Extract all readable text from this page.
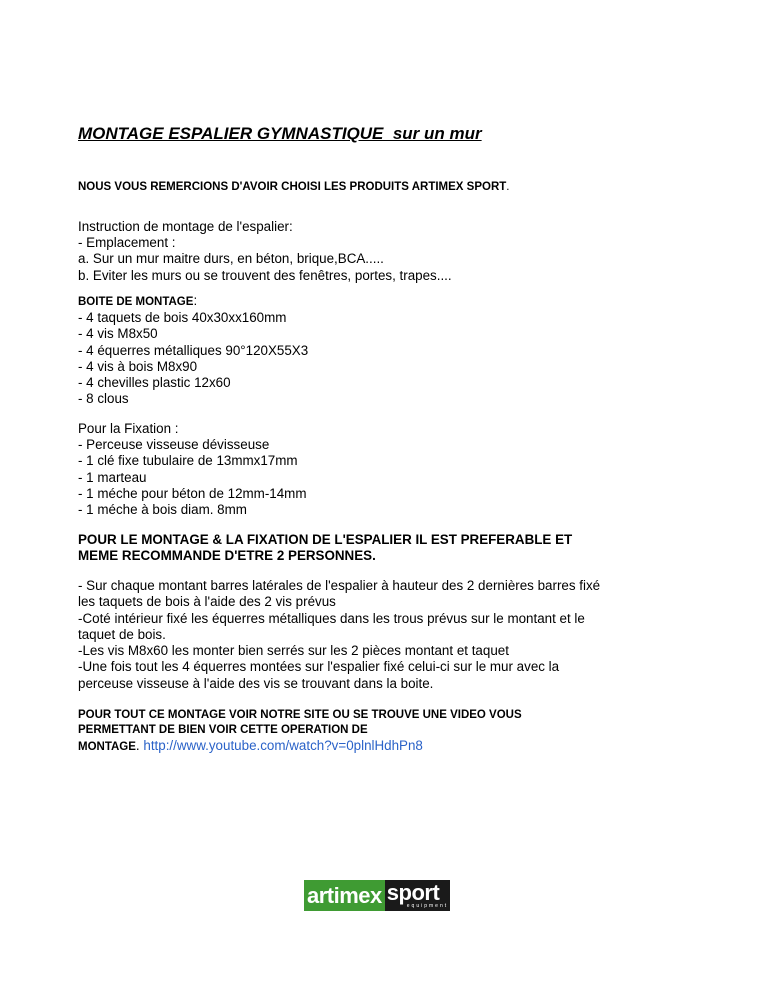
MONTAGE ESPALIER GYMNASTIQUE  sur un mur
NOUS VOUS REMERCIONS D'AVOIR CHOISI LES PRODUITS ARTIMEX SPORT.
Instruction de montage de l'espalier:
- Emplacement :
a. Sur un mur maitre durs, en béton, brique,BCA.....
b. Eviter les murs ou se trouvent des fenêtres, portes, trapes....
BOITE DE MONTAGE:
- 4 taquets de bois 40x30xx160mm
- 4 vis M8x50
- 4 équerres métalliques 90°120X55X3
- 4 vis à bois M8x90
- 4 chevilles plastic 12x60
- 8 clous
Pour la Fixation :
- Perceuse visseuse dévisseuse
- 1 clé fixe tubulaire de 13mmx17mm
- 1 marteau
- 1 méche pour béton de 12mm-14mm
- 1 méche à bois diam. 8mm
POUR LE MONTAGE & LA FIXATION DE L'ESPALIER IL EST PREFERABLE ET
MEME RECOMMANDE D'ETRE 2 PERSONNES.
- Sur chaque montant barres latérales de l'espalier à hauteur des 2 dernières barres fixé
les taquets de bois à l'aide des 2 vis prévus
-Coté intérieur fixé les équerres métalliques dans les trous prévus sur le montant et le
taquet de bois.
-Les vis M8x60 les monter bien serrés sur les 2 pièces montant et taquet
-Une fois tout les 4 équerres montées sur l'espalier fixé celui-ci sur le mur avec la
perceuse visseuse à l'aide des vis se trouvant dans la boite.
POUR TOUT CE MONTAGE VOIR NOTRE SITE OU SE TROUVE UNE VIDEO VOUS
PERMETTANT DE BIEN VOIR CETTE OPERATION DE
MONTAGE. http://www.youtube.com/watch?v=0plnlHdhPn8
artimex sport
equipment
